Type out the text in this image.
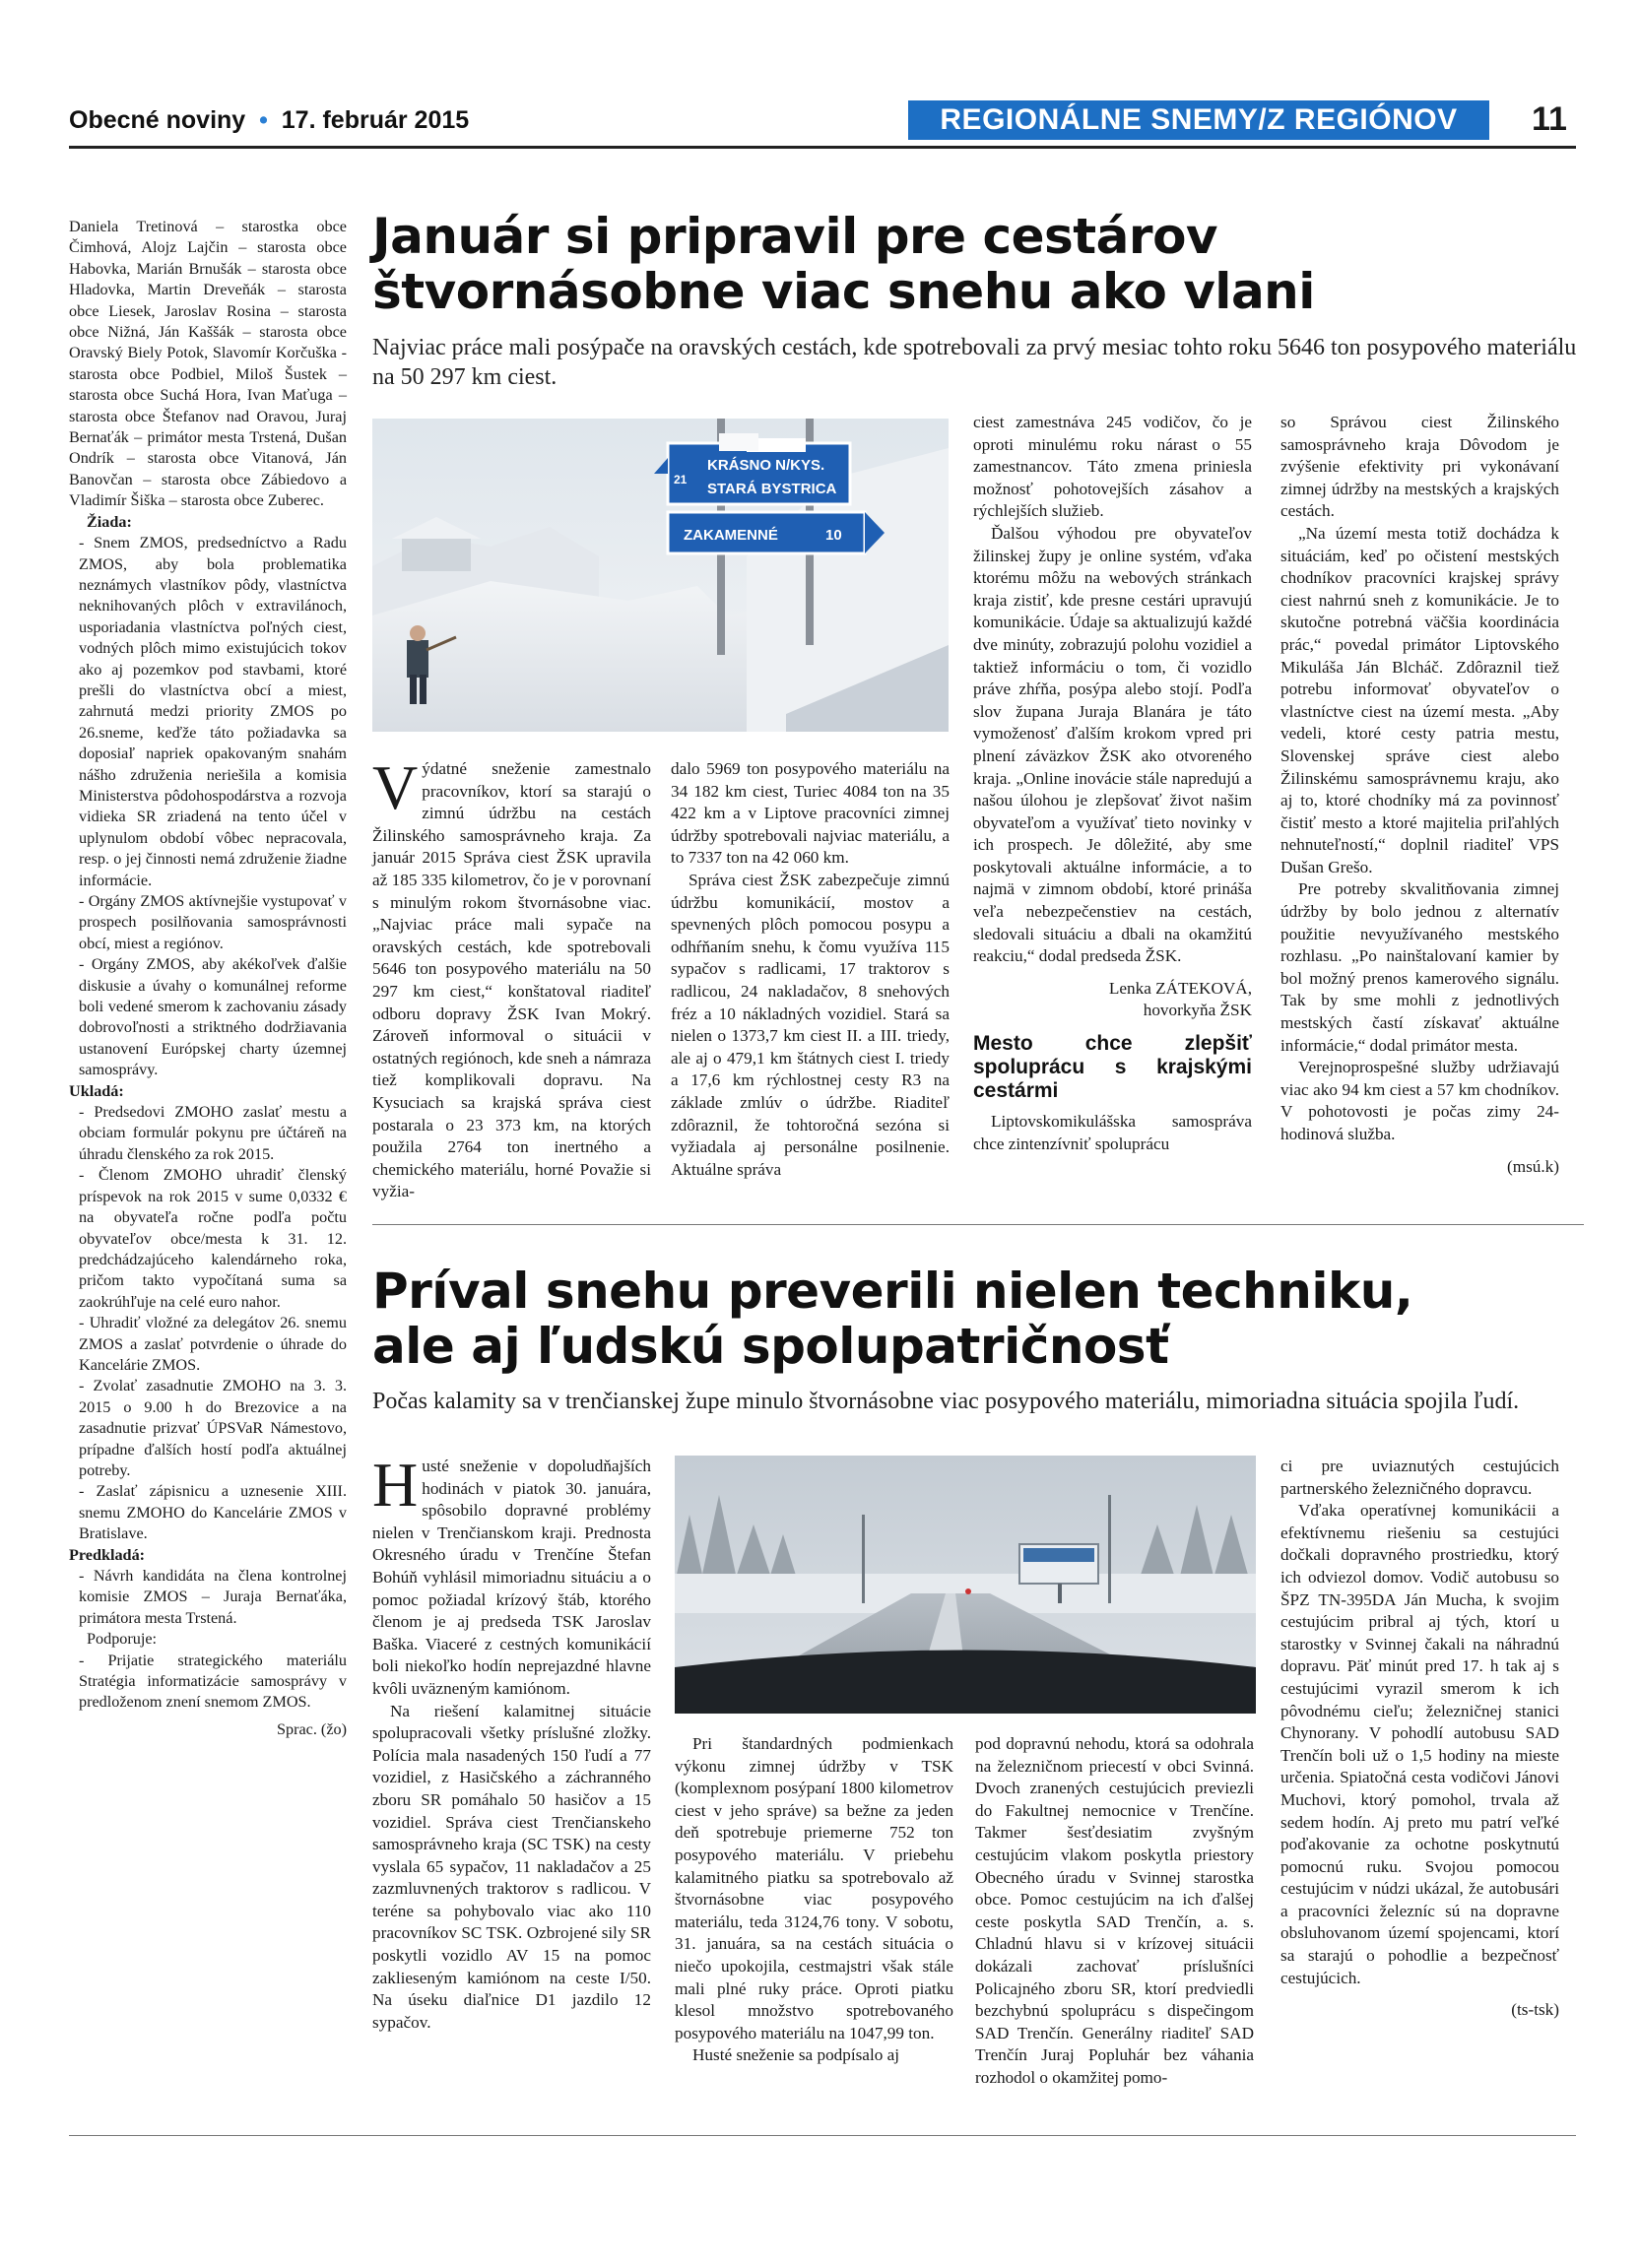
Obecné noviny  •  17. február 2015	REGIONÁLNE SNEMY/Z REGIÓNOV	11

Daniela Tretinová – starostka obce Čimhová, Alojz Lajčin – starosta obce Habovka, Marián Brnušák – starosta obce Hladovka, Martin Dreveňák – starosta obce Liesek, Jaroslav Rosina – starosta obce Nižná, Ján Kaššák – starosta obce Oravský Biely Potok, Slavomír Korčuška - starosta obce Podbiel, Miloš Šustek – starosta obce Suchá Hora, Ivan Maťuga – starosta obce Štefanov nad Oravou, Juraj Bernaťák – primátor mesta Trstená, Dušan Ondrík – starosta obce Vitanová, Ján Banovčan – starosta obce Zábiedovo a Vladimír Šiška – starosta obce Zuberec.

Žiada:

- Snem ZMOS, predsedníctvo a Radu ZMOS, aby bola problematika neznámych vlastníkov pôdy, vlastníctva neknihovaných plôch v extravilánoch, usporiadania vlastníctva poľných ciest, vodných plôch mimo existujúcich tokov ako aj pozemkov pod stavbami, ktoré prešli do vlastníctva obcí a miest, zahrnutá medzi priority ZMOS po 26.snemе, keďže táto požiadavka sa doposiaľ napriek opakovaným snahám nášho združenia neriešila a komisia Ministerstva pôdohospodárstva a rozvoja vidieka SR zriadená na tento účel v uplynulom období vôbec nepracovala, resp. o jej činnosti nemá združenie žiadne informácie.

- Orgány ZMOS aktívnejšie vystupovať v prospech posilňovania samosprávnosti obcí, miest a regiónov.

- Orgány ZMOS, aby akékoľvek ďalšie diskusie a úvahy o komunálnej reforme boli vedené smerom k zachovaniu zásady dobrovoľnosti a striktného dodržiavania ustanovení Európskej charty územnej samosprávy.

Ukladá:

- Predsedovi ZMOHO zaslať mestu a obciam formulár pokynu pre účtáreň na úhradu členského za rok 2015.

- Členom ZMOHO uhradiť členský príspevok na rok 2015 v sume 0,0332 € na obyvateľa ročne podľa počtu obyvateľov obce/mesta k 31. 12. predchádzajúceho kalendárneho roka, pričom takto vypočítaná suma sa zaokrúhľuje na celé euro nahor.

- Uhradiť vložné za delegátov 26. snemu ZMOS a zaslať potvrdenie o úhrade do Kancelárie ZMOS.

- Zvolať zasadnutie ZMOHO na 3. 3. 2015 o 9.00 h do Brezovice a na zasadnutie prizvať ÚPSVaR Námestovo, prípadne ďalších hostí podľa aktuálnej potreby.

- Zaslať zápisnicu a uznesenie XIII. snemu ZMOHO do Kancelárie ZMOS v Bratislave.

Predkladá:

- Návrh kandidáta na člena kontrolnej komisie ZMOS – Juraja Bernaťáka, primátora mesta Trstená.

Podporuje:

- Prijatie strategického materiálu Stratégia informatizácie samosprávy v predloženom znení snemom ZMOS.

Sprac. (žo)

Január si pripravil pre cestárov
štvornásobne viac snehu ako vlani
Najviac práce mali posýpače na oravských cestách, kde spotrebovali za prvý mesiac tohto roku 5646 ton posypového materiálu na 50 297 km ciest.
KRÁSNO N/KYS.
STARÁ BYSTRICA
21
ZAKAMENNÉ	10

Výdatné sneženie zamestnalo pracovníkov, ktorí sa starajú o zimnú údržbu na cestách Žilinského samosprávneho kraja. Za január 2015 Správa ciest ŽSK upravila až 185 335 kilometrov, čo je v porovnaní s minulým rokom štvornásobne viac. „Najviac práce mali sypače na oravských cestách, kde spotrebovali 5646 ton posypového materiálu na 50 297 km ciest,“ konštatoval riaditeľ odboru dopravy ŽSK Ivan Mokrý. Zároveň informoval o situácii v ostatných regiónoch, kde sneh a námraza tiež komplikovali dopravu. Na Kysuciach sa krajská správa ciest postarala o 23 373 km, na ktorých použila 2764 ton inertného a chemického materiálu, horné Považie si vyžia-

dalo 5969 ton posypového materiálu na 34 182 km ciest, Turiec 4084 ton na 35 422 km a v Liptove pracovníci zimnej údržby spotrebovali najviac materiálu, a to 7337 ton na 42 060 km.

Správa ciest ŽSK zabezpečuje zimnú údržbu komunikácií, mostov a spevnených plôch pomocou posypu a odhŕňaním snehu, k čomu využíva 115 sypačov s radlicami, 17 traktorov s radlicou, 24 nakladačov, 8 snehových fréz a 10 nákladných vozidiel. Stará sa nielen o 1373,7 km ciest II. a III. triedy, ale aj o 479,1 km štátnych ciest I. triedy a 17,6 km rýchlostnej cesty R3 na základe zmlúv o údržbe. Riaditeľ zdôraznil, že tohtoročná sezóna si vyžiadala aj personálne posilnenie. Aktuálne správa

ciest zamestnáva 245 vodičov, čo je oproti minulému roku nárast o 55 zamestnancov. Táto zmena priniesla možnosť pohotovejších zásahov a rýchlejších služieb.

Ďalšou výhodou pre obyvateľov žilinskej župy je online systém, vďaka ktorému môžu na webových stránkach kraja zistiť, kde presne cestári upravujú komunikácie. Údaje sa aktualizujú každé dve minúty, zobrazujú polohu vozidiel a taktiež informáciu o tom, či vozidlo práve zhŕňa, posýpa alebo stojí. Podľa slov županа Juraja Blanára je táto vymoženosť ďalším krokom vpred pri plnení záväzkov ŽSK ako otvoreného kraja. „Online inovácie stále napredujú a našou úlohou je zlepšovať život našim obyvateľom a využívať tieto novinky v ich prospech. Je dôležité, aby sme poskytovali aktuálne informácie, a to najmä v zimnom období, ktoré prináša veľa nebezpečenstiev na cestách, sledovali situáciu a dbali na okamžitú reakciu,“ dodal predseda ŽSK.

Lenka ZÁTEKOVÁ,

hovorkyňa ŽSK

Mesto chce zlepšiť spoluprácu s krajskými cestármi

Liptovskomikulášska samospráva chce zintenzívniť spoluprácu

so Správou ciest Žilinského samosprávneho kraja Dôvodom je zvýšenie efektivity pri vykonávaní zimnej údržby na mestských a krajských cestách.

„Na území mesta totiž dochádza k situáciám, keď po očistení mestských chodníkov pracovníci krajskej správy ciest nahrnú sneh z komunikácie. Je to skutočne potrebná väčšia koordinácia prác,“ povedal primátor Liptovského Mikuláša Ján Blcháč. Zdôraznil tiež potrebu informovať obyvateľov o vlastníctve ciest na území mesta. „Aby vedeli, ktoré cesty patria mestu, Slovenskej správe ciest alebo Žilinskému samosprávnemu kraju, ako aj to, ktoré chodníky má za povinnosť čistiť mesto a ktoré majitelia priľahlých nehnuteľností,“ doplnil riaditeľ VPS Dušan Grešo.

Pre potreby skvalitňovania zimnej údržby by bolo jednou z alternatív použitie nevyužívaného mestského rozhlasu. „Po nainštalovaní kamier by bol možný prenos kamerového signálu. Tak by sme mohli z jednotlivých mestských častí získavať aktuálne informácie,“ dodal primátor mesta.

Verejnoprospešné služby udržiavajú viac ako 94 km ciest a 57 km chodníkov. V pohotovosti je počas zimy 24-hodinová služba.

(msú.k)

Príval snehu preverili nielen techniku,
ale aj ľudskú spolupatričnosť
Počas kalamity sa v trenčianskej župe minulo štvornásobne viac posypového materiálu, mimoriadna situácia spojila ľudí.

Husté sneženie v dopoludňajších hodinách v piatok 30. januára, spôsobilo dopravné problémy nielen v Trenčianskom kraji. Prednosta Okresného úradu v Trenčíne Štefan Bohúň vyhlásil mimoriadnu situáciu a o pomoc požiadal krízový štáb, ktorého členom je aj predseda TSK Jaroslav Baška. Viaceré z cestných komunikácií boli niekoľko hodín neprejazdné hlavne kvôli uväzneným kamiónom.

Na riešení kalamitnej situácie spolupracovali všetky príslušné zložky. Polícia mala nasadených 150 ľudí a 77 vozidiel, z Hasičského a záchranného zboru SR pomáhalo 50 hasičov a 15 vozidiel. Správa ciest Trenčianskeho samosprávneho kraja (SC TSK) na cesty vyslala 65 sypačov, 11 nakladačov a 25 zazmluvnených traktorov s radlicou. V teréne sa pohybovalo viac ako 110 pracovníkov SC TSK. Ozbrojené sily SR poskytli vozidlo AV 15 na pomoc zaklieseným kamiónom na ceste I/50. Na úseku diaľnice D1 jazdilo 12 sypačov.

Pri štandardných podmienkach výkonu zimnej údržby v TSK (komplexnom posýpaní 1800 kilometrov ciest v jeho správe) sa bežne za jeden deň spotrebuje priemerne 752 ton posypového materiálu. V priebehu kalamitného piatku sa spotrebovalo až štvornásobne viac posypového materiálu, teda 3124,76 tony. V sobotu, 31. januára, sa na cestách situácia o niečo upokojila, cestmajstri však stále mali plné ruky práce. Oproti piatku klesol množstvo spotrebovaného posypového materiálu na 1047,99 ton.

Husté sneženie sa podpísalo aj

pod dopravnú nehodu, ktorá sa odohrala na železničnom priecestí v obci Svinná. Dvoch zranených cestujúcich previezli do Fakultnej nemocnice v Trenčíne. Takmer šesťdesiatim zvyšným cestujúcim vlakom poskytla priestory Obecného úradu v Svinnej starostka obce. Pomoc cestujúcim na ich ďalšej ceste poskytla SAD Trenčín, a. s. Chladnú hlavu si v krízovej situácii dokázali zachovať príslušníci Policajného zboru SR, ktorí predviedli bezchybnú spoluprácu s dispečingom SAD Trenčín. Generálny riaditeľ SAD Trenčín Juraj Popluhár bez váhania rozhodol o okamžitej pomo-

ci pre uviaznutých cestujúcich partnerského železničného dopravcu.

Vďaka operatívnej komunikácii a efektívnemu riešeniu sa cestujúci dočkali dopravného prostriedku, ktorý ich odviezol domov. Vodič autobusu so ŠPZ TN-395DA Ján Mucha, k svojim cestujúcim pribral aj tých, ktorí u starostky v Svinnej čakali na náhradnú dopravu. Päť minút pred 17. h tak aj s cestujúcimi vyrazil smerom k ich pôvodnému cieľu; železničnej stanici Chynorany. V pohodlí autobusu SAD Trenčín boli už o 1,5 hodiny na mieste určenia. Spiatočná cesta vodičovi Jánovi Muchovi, ktorý pomohol, trvala až sedem hodín. Aj preto mu patrí veľké poďakovanie za ochotne poskytnutú pomocnú ruku. Svojou pomocou cestujúcim v núdzi ukázal, že autobusári a pracovníci železníc sú na dopravne obsluhovanom území spojencami, ktorí sa starajú o pohodlie a bezpečnosť cestujúcich.

(ts-tsk)
